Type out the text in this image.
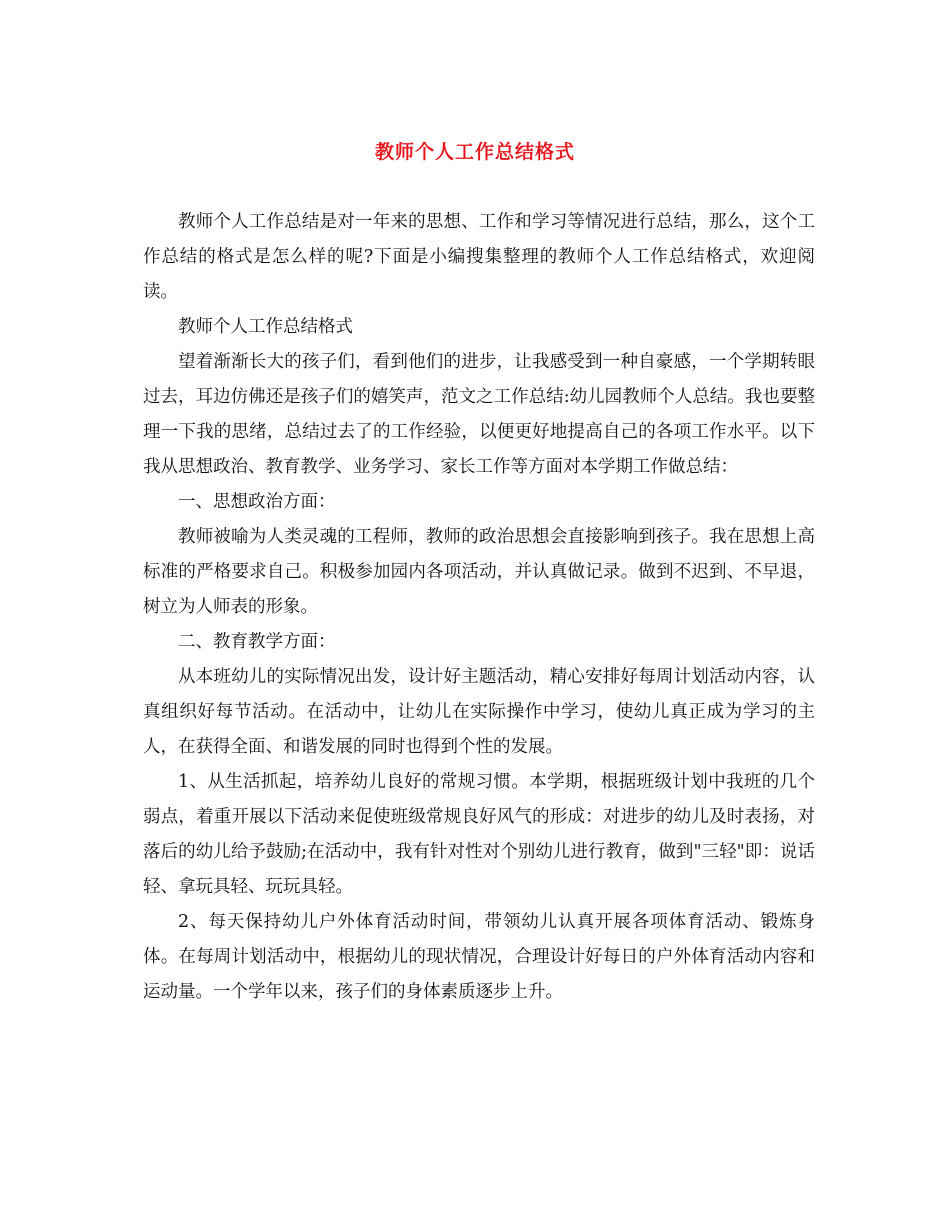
教师个人工作总结格式

教师个人工作总结是对一年来的思想、工作和学习等情况进行总结，那么，这个工作总结的格式是怎么样的呢?下面是小编搜集整理的教师个人工作总结格式，欢迎阅读。

教师个人工作总结格式

望着渐渐长大的孩子们，看到他们的进步，让我感受到一种自豪感，一个学期转眼过去，耳边仿佛还是孩子们的嬉笑声，范文之工作总结:幼儿园教师个人总结。我也要整理一下我的思绪，总结过去了的工作经验，以便更好地提高自己的各项工作水平。以下我从思想政治、教育教学、业务学习、家长工作等方面对本学期工作做总结：

一、思想政治方面：

教师被喻为人类灵魂的工程师，教师的政治思想会直接影响到孩子。我在思想上高标准的严格要求自己。积极参加园内各项活动，并认真做记录。做到不迟到、不早退，树立为人师表的形象。

二、教育教学方面：

从本班幼儿的实际情况出发，设计好主题活动，精心安排好每周计划活动内容，认真组织好每节活动。在活动中，让幼儿在实际操作中学习，使幼儿真正成为学习的主人，在获得全面、和谐发展的同时也得到个性的发展。

1、从生活抓起，培养幼儿良好的常规习惯。本学期，根据班级计划中我班的几个弱点，着重开展以下活动来促使班级常规良好风气的形成：对进步的幼儿及时表扬，对落后的幼儿给予鼓励;在活动中，我有针对性对个别幼儿进行教育，做到"三轻"即：说话轻、拿玩具轻、玩玩具轻。

2、每天保持幼儿户外体育活动时间，带领幼儿认真开展各项体育活动、锻炼身体。在每周计划活动中，根据幼儿的现状情况，合理设计好每日的户外体育活动内容和运动量。一个学年以来，孩子们的身体素质逐步上升。
